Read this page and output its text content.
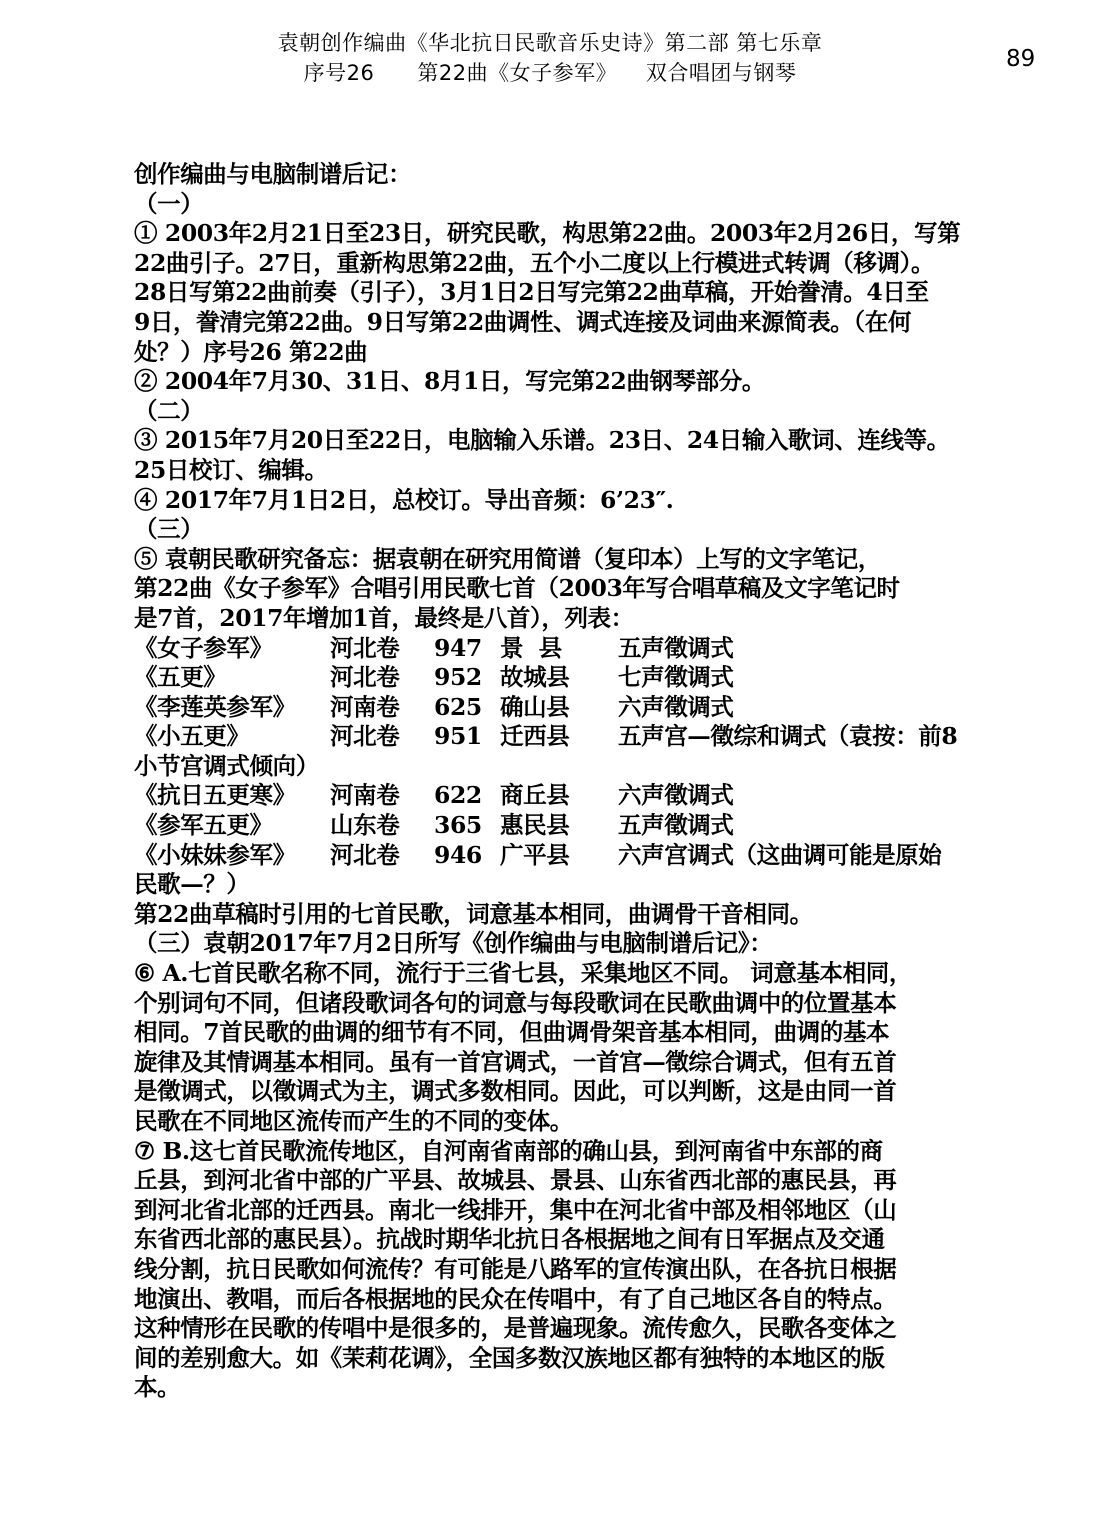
袁朝创作编曲《华北抗日民歌音乐史诗》第二部 第七乐章
序号26      第22曲《女子参军》    双合唱团与钢琴
89
创作编曲与电脑制谱后记：
（一）
① 2003年2月21日至23日，研究民歌，构思第22曲。2003年2月26日，写第
22曲引子。27日，重新构思第22曲，五个小二度以上行模进式转调（移调）。
28日写第22曲前奏（引子），3月1日2日写完第22曲草稿，开始誊清。4日至
9日，誊清完第22曲。9日写第22曲调性、调式连接及词曲来源简表。（在何
处？）序号26 第22曲
② 2004年7月30、31日、8月1日，写完第22曲钢琴部分。
（二）
③ 2015年7月20日至22日，电脑输入乐谱。23日、24日输入歌词、连线等。
25日校订、编辑。
④ 2017年7月1日2日，总校订。导出音频：6’23″.
（三）
⑤ 袁朝民歌研究备忘：据袁朝在研究用简谱（复印本）上写的文字笔记，
第22曲《女子参军》合唱引用民歌七首（2003年写合唱草稿及文字笔记时
是7首，2017年增加1首，最终是八首），列表：
《女子参军》	河北卷	947 景  县	五声徵调式
《五更》	河北卷	952 故城县	七声徵调式
《李莲英参军》	河南卷	625 确山县	六声徵调式
《小五更》	河北卷	951 迁西县	五声宫—徵综和调式（袁按：前8
小节宫调式倾向）
《抗日五更寒》	河南卷	622 商丘县	六声徵调式
《参军五更》	山东卷	365 惠民县	五声徵调式
《小妹妹参军》	河北卷	946 广平县	六声宫调式（这曲调可能是原始
民歌—？）
第22曲草稿时引用的七首民歌，词意基本相同，曲调骨干音相同。
（三）袁朝2017年7月2日所写《创作编曲与电脑制谱后记》：
⑥ A.七首民歌名称不同，流行于三省七县，采集地区不同。 词意基本相同，
个别词句不同，但诸段歌词各句的词意与每段歌词在民歌曲调中的位置基本
相同。7首民歌的曲调的细节有不同，但曲调骨架音基本相同，曲调的基本
旋律及其情调基本相同。虽有一首宫调式，一首宫—徵综合调式，但有五首
是徵调式，以徵调式为主，调式多数相同。因此，可以判断，这是由同一首
民歌在不同地区流传而产生的不同的变体。
⑦ B.这七首民歌流传地区，自河南省南部的确山县，到河南省中东部的商
丘县，到河北省中部的广平县、故城县、景县、山东省西北部的惠民县，再
到河北省北部的迁西县。南北一线排开，集中在河北省中部及相邻地区（山
东省西北部的惠民县）。抗战时期华北抗日各根据地之间有日军据点及交通
线分割，抗日民歌如何流传？有可能是八路军的宣传演出队，在各抗日根据
地演出、教唱，而后各根据地的民众在传唱中，有了自己地区各自的特点。
这种情形在民歌的传唱中是很多的，是普遍现象。流传愈久，民歌各变体之
间的差别愈大。如《茉莉花调》，全国多数汉族地区都有独特的本地区的版
本。
